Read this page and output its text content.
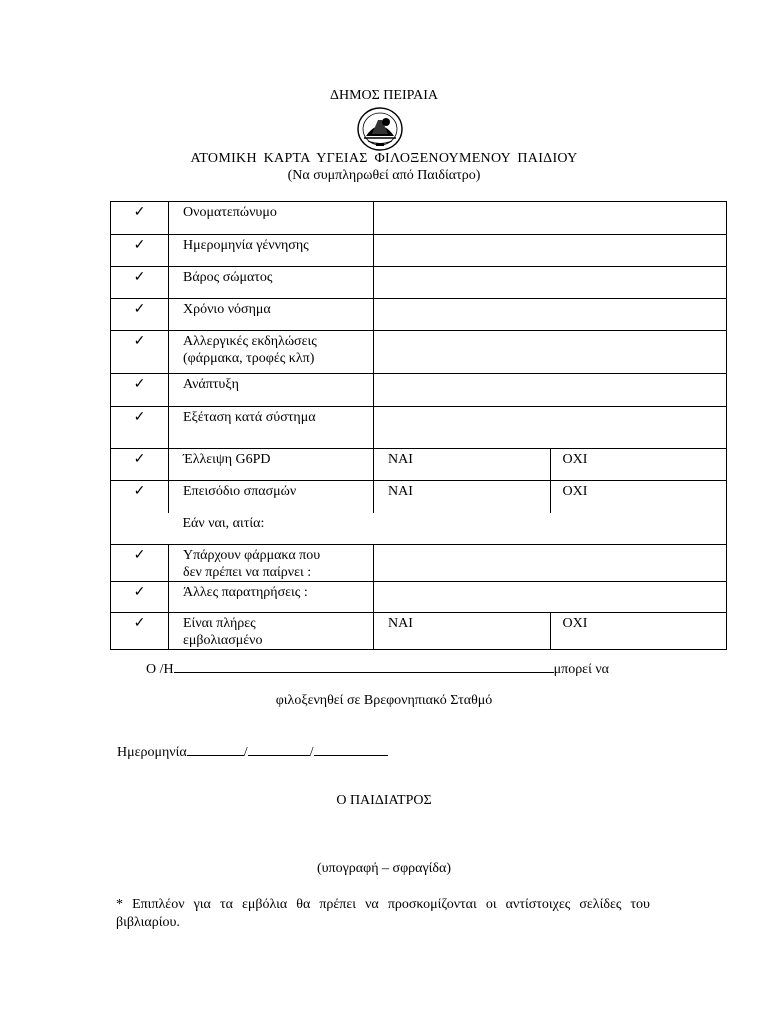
ΔΗΜΟΣ ΠΕΙΡΑΙΑ
ΑΤΟΜΙΚΗ ΚΑΡΤΑ ΥΓΕΙΑΣ ΦΙΛΟΞΕΝΟΥΜΕΝΟΥ ΠΑΙΔΙΟΥ
(Να συμπληρωθεί από Παιδίατρο)
✓	Ονοματεπώνυμο		
✓	Ημερομηνία γέννησης		
✓	Βάρος σώματος		
✓	Χρόνιο νόσημα		
✓	Αλλεργικές εκδηλώσεις
(φάρμακα, τροφές κλπ)		

✓	Ανάπτυξη		
✓	Εξέταση κατά σύστημα		
✓	Έλλειψη G6PD	ΝΑΙ	ΟΧΙ
✓	Επεισόδιο σπασμών	ΝΑΙ	ΟΧΙ
	Εάν ναι, αιτία:		
✓	Υπάρχουν φάρμακα που
δεν πρέπει να παίρνει :		

✓	Άλλες παρατηρήσεις :		
✓	Είναι πλήρες
εμβολιασμένο	ΝΑΙ	ΟΧΙ
Ο /Η	μπορεί να
φιλοξενηθεί σε Βρεφονηπιακό Σταθμό
Ημερομηνία	/	/
Ο ΠΑΙΔΙΑΤΡΟΣ
(υπογραφή – σφραγίδα)
* Επιπλέον για τα εμβόλια θα πρέπει να προσκομίζονται οι αντίστοιχες σελίδες του βιβλιαρίου.
